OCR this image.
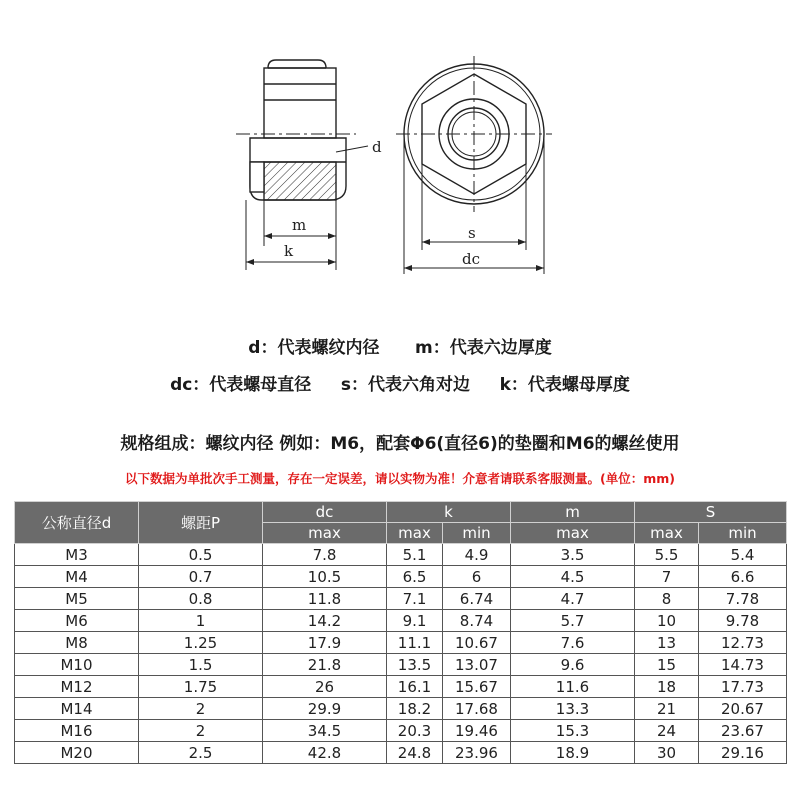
d
m
k
s
dc
d：代表螺纹内径 m：代表六边厚度
dc：代表螺母直径 s：代表六角对边 k：代表螺母厚度
规格组成：螺纹内径 例如：M6，配套Φ6(直径6)的垫圈和M6的螺丝使用
以下数据为单批次手工测量，存在一定误差，请以实物为准！介意者请联系客服测量。(单位：mm)
公称直径d	螺距P	dc	k		m	S	
		max	max	min	max	max	min
M3	0.5	7.8	5.1	4.9	3.5	5.5	5.4
M4	0.7	10.5	6.5	6	4.5	7	6.6
M5	0.8	11.8	7.1	6.74	4.7	8	7.78
M6	1	14.2	9.1	8.74	5.7	10	9.78
M8	1.25	17.9	11.1	10.67	7.6	13	12.73
M10	1.5	21.8	13.5	13.07	9.6	15	14.73
M12	1.75	26	16.1	15.67	11.6	18	17.73
M14	2	29.9	18.2	17.68	13.3	21	20.67
M16	2	34.5	20.3	19.46	15.3	24	23.67
M20	2.5	42.8	24.8	23.96	18.9	30	29.16
